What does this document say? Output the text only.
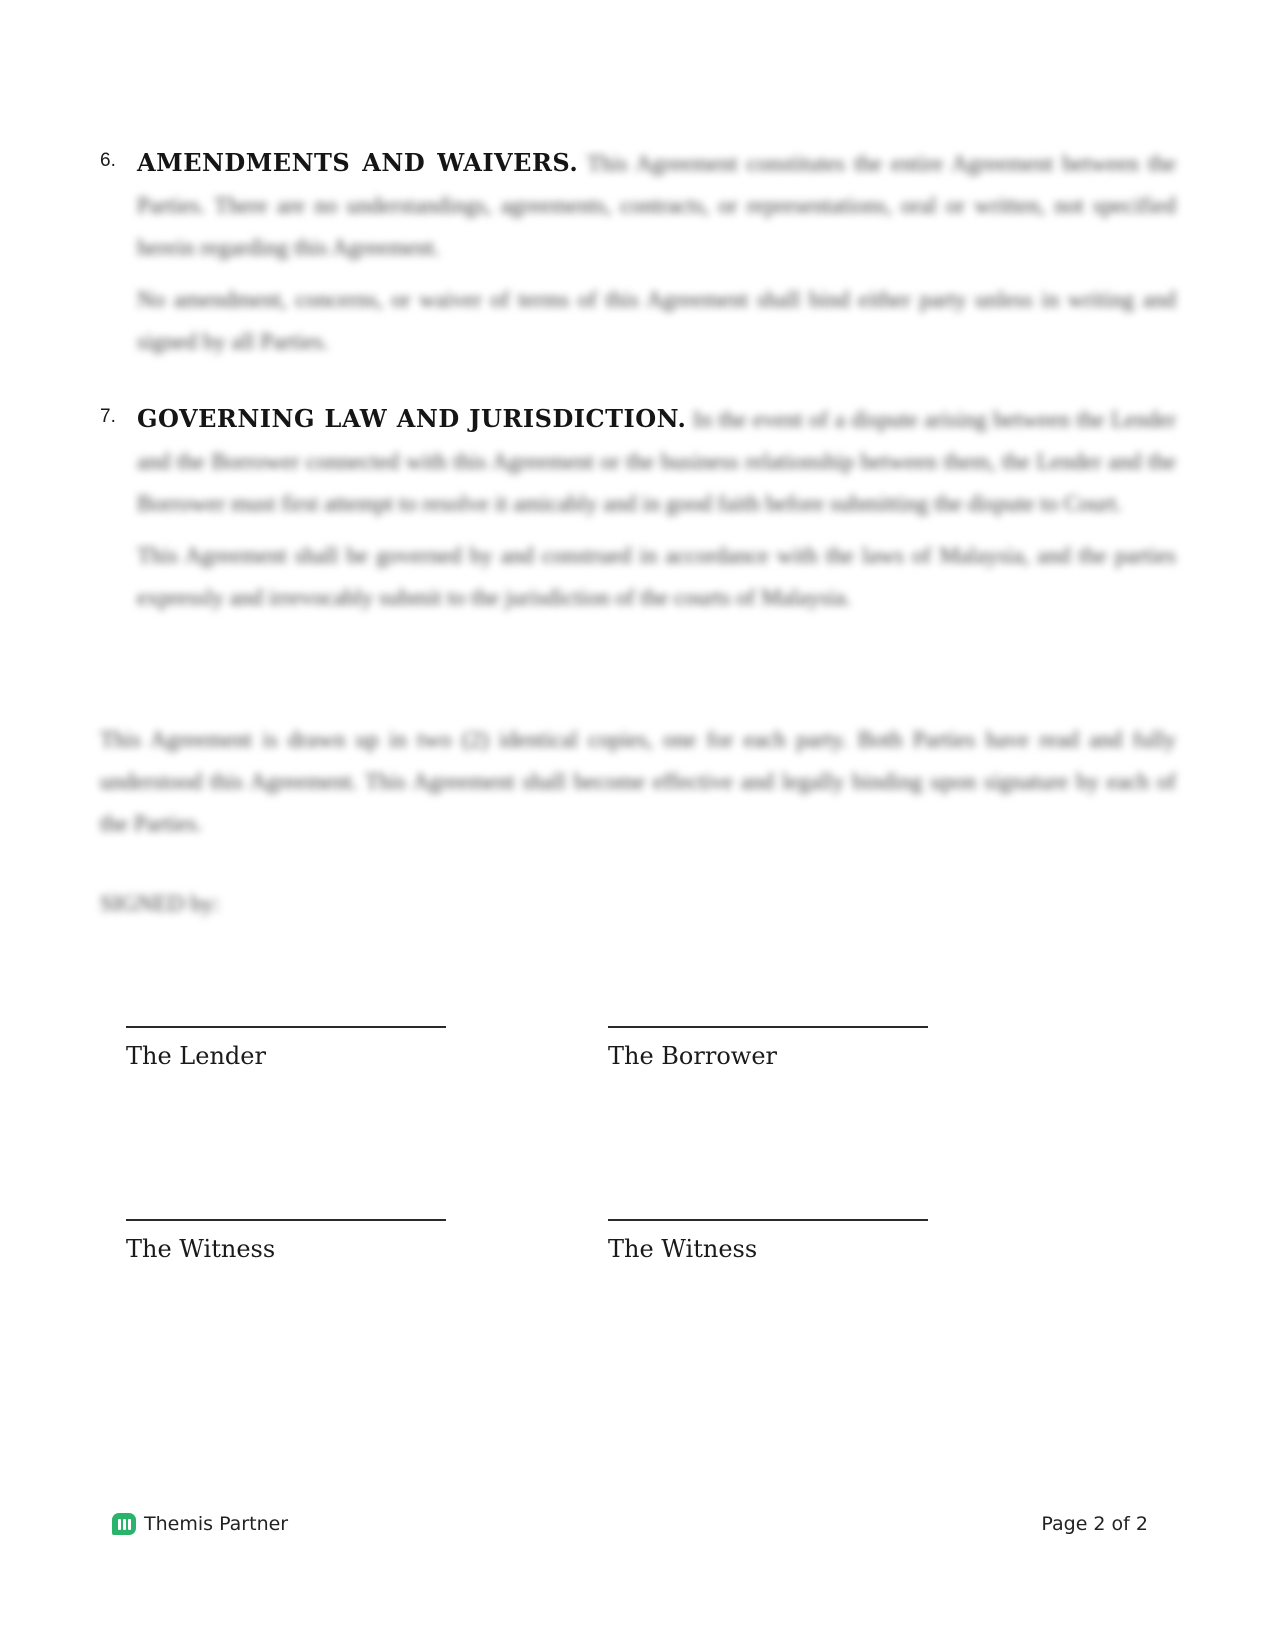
6. AMENDMENTS AND WAIVERS. This Agreement constitutes the entire Agreement between the Parties. There are no understandings, agreements, contracts, or representations, oral or written, not specified herein regarding this Agreement.

No amendment, concerns, or waiver of terms of this Agreement shall bind either party unless in writing and signed by all Parties.

7. GOVERNING LAW AND JURISDICTION. In the event of a dispute arising between the Lender and the Borrower connected with this Agreement or the business relationship between them, the Lender and the Borrower must first attempt to resolve it amicably and in good faith before submitting the dispute to Court.

This Agreement shall be governed by and construed in accordance with the laws of Malaysia, and the parties expressly and irrevocably submit to the jurisdiction of the courts of Malaysia.

This Agreement is drawn up in two (2) identical copies, one for each party. Both Parties have read and fully understood this Agreement. This Agreement shall become effective and legally binding upon signature by each of the Parties.

SIGNED by:
The Lender	The Borrower
The Witness	The Witness
Themis Partner	Page 2 of 2
